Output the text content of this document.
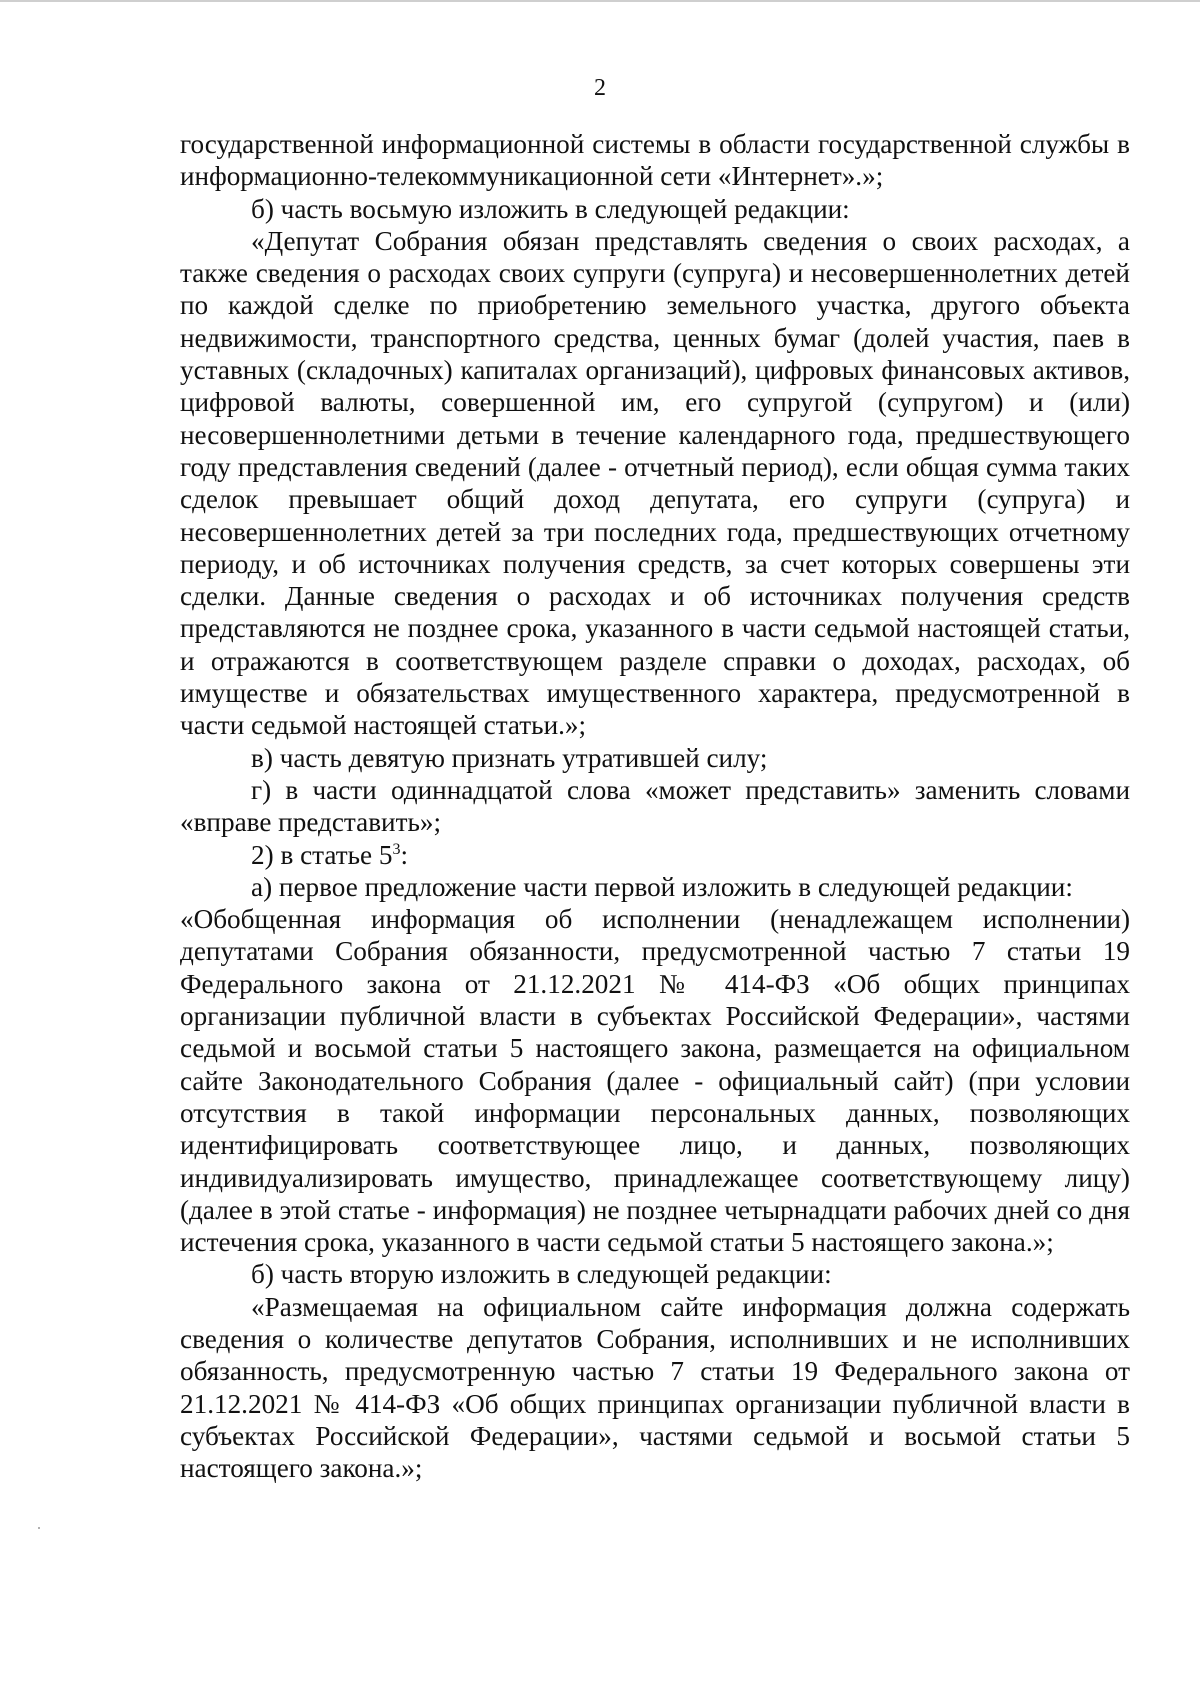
2

государственной информационной системы в области государственной службы в информационно-телекоммуникационной сети «Интернет».»;

б) часть восьмую изложить в следующей редакции:

«Депутат Собрания обязан представлять сведения о своих расходах, а также сведения о расходах своих супруги (супруга) и несовершеннолетних детей по каждой сделке по приобретению земельного участка, другого объекта недвижимости, транспортного средства, ценных бумаг (долей участия, паев в уставных (складочных) капиталах организаций), цифровых финансовых активов, цифровой валюты, совершенной им, его супругой (супругом) и (или) несовершеннолетними детьми в течение календарного года, предшествующего году представления сведений (далее - отчетный период), если общая сумма таких сделок превышает общий доход депутата, его супруги (супруга) и несовершеннолетних детей за три последних года, предшествующих отчетному периоду, и об источниках получения средств, за счет которых совершены эти сделки. Данные сведения о расходах и об источниках получения средств представляются не позднее срока, указанного в части седьмой настоящей статьи, и отражаются в соответствующем разделе справки о доходах, расходах, об имуществе и обязательствах имущественного характера, предусмотренной в части седьмой настоящей статьи.»;

в) часть девятую признать утратившей силу;

г) в части одиннадцатой слова «может представить» заменить словами «вправе представить»;

2) в статье $5^3$:

а) первое предложение части первой изложить в следующей редакции:

«Обобщенная информация об исполнении (ненадлежащем исполнении) депутатами Собрания обязанности, предусмотренной частью 7 статьи 19 Федерального закона от 21.12.2021 № 414-ФЗ «Об общих принципах организации публичной власти в субъектах Российской Федерации», частями седьмой и восьмой статьи 5 настоящего закона, размещается на официальном сайте Законодательного Собрания (далее - официальный сайт) (при условии отсутствия в такой информации персональных данных, позволяющих идентифицировать соответствующее лицо, и данных, позволяющих индивидуализировать имущество, принадлежащее соответствующему лицу) (далее в этой статье - информация) не позднее четырнадцати рабочих дней со дня истечения срока, указанного в части седьмой статьи 5 настоящего закона.»;

б) часть вторую изложить в следующей редакции:

«Размещаемая на официальном сайте информация должна содержать сведения о количестве депутатов Собрания, исполнивших и не исполнивших обязанность, предусмотренную частью 7 статьи 19 Федерального закона от 21.12.2021 № 414-ФЗ «Об общих принципах организации публичной власти в субъектах Российской Федерации», частями седьмой и восьмой статьи 5 настоящего закона.»;
